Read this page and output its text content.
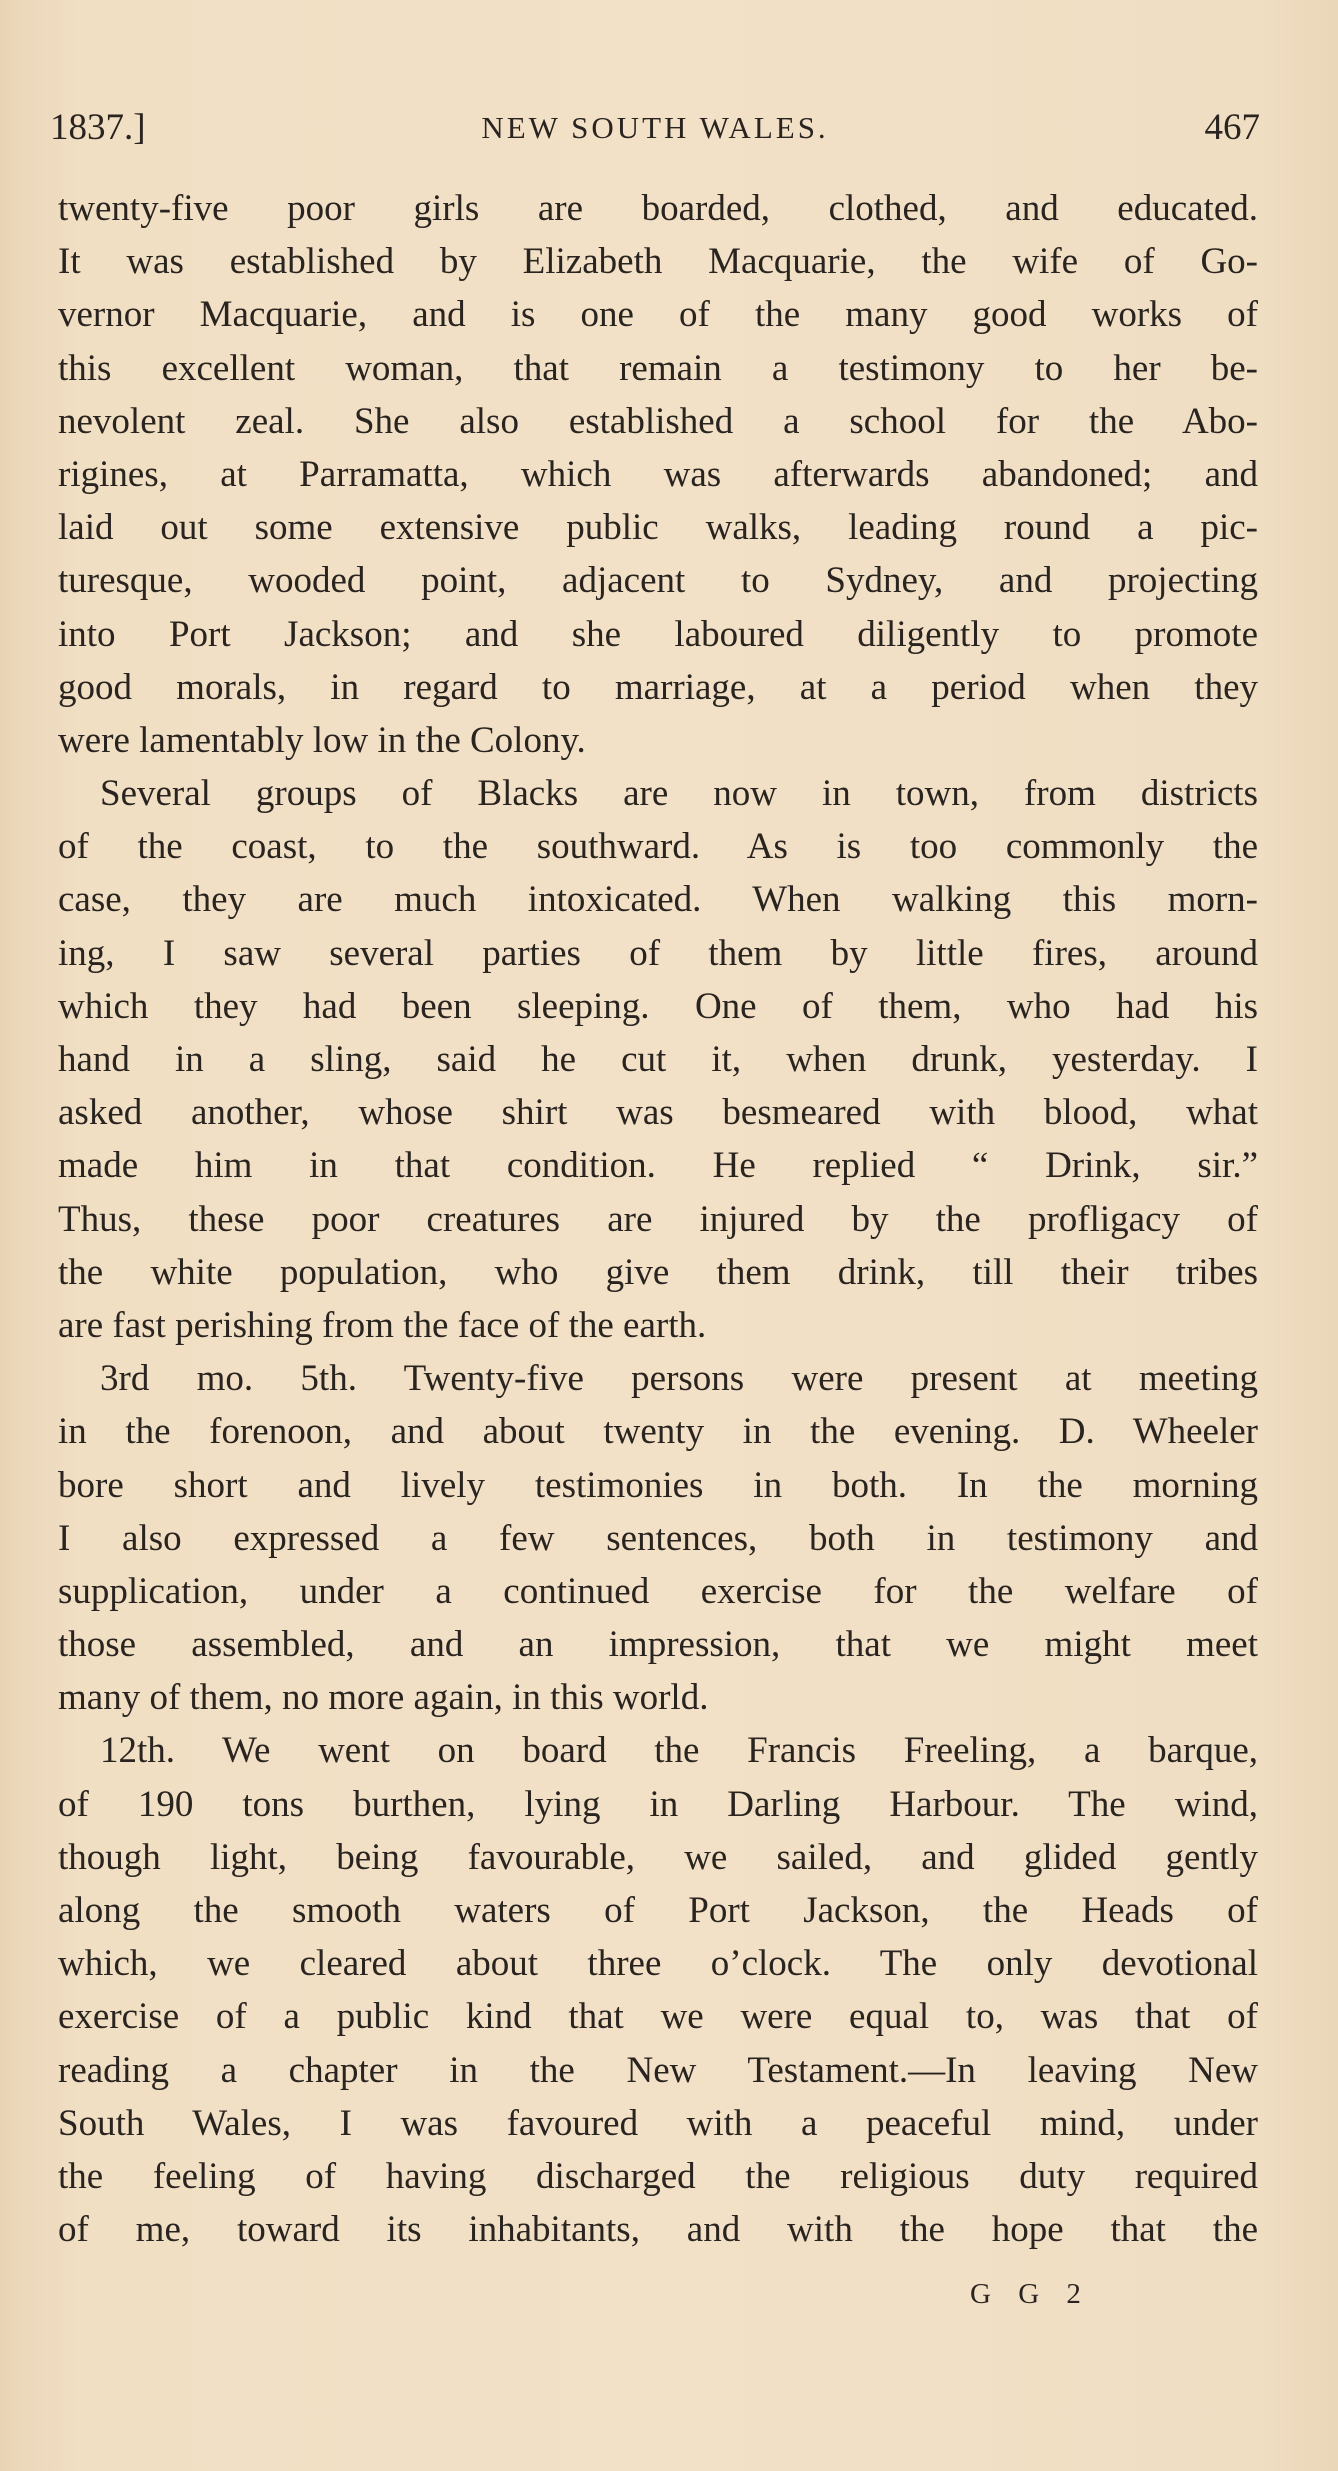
1837.]	NEW SOUTH WALES.	467
twenty-five poor girls are boarded, clothed, and educated.
It was established by Elizabeth Macquarie, the wife of Go-
vernor Macquarie, and is one of the many good works of
this excellent woman, that remain a testimony to her be-
nevolent zeal. She also established a school for the Abo-
rigines, at Parramatta, which was afterwards abandoned; and
laid out some extensive public walks, leading round a pic-
turesque, wooded point, adjacent to Sydney, and projecting
into Port Jackson; and she laboured diligently to promote
good morals, in regard to marriage, at a period when they
were lamentably low in the Colony.
Several groups of Blacks are now in town, from districts
of the coast, to the southward. As is too commonly the
case, they are much intoxicated. When walking this morn-
ing, I saw several parties of them by little fires, around
which they had been sleeping. One of them, who had his
hand in a sling, said he cut it, when drunk, yesterday. I
asked another, whose shirt was besmeared with blood, what
made him in that condition. He replied “ Drink, sir.”
Thus, these poor creatures are injured by the profligacy of
the white population, who give them drink, till their tribes
are fast perishing from the face of the earth.
3rd mo. 5th. Twenty-five persons were present at meeting
in the forenoon, and about twenty in the evening. D. Wheeler
bore short and lively testimonies in both. In the morning
I also expressed a few sentences, both in testimony and
supplication, under a continued exercise for the welfare of
those assembled, and an impression, that we might meet
many of them, no more again, in this world.
12th. We went on board the Francis Freeling, a barque,
of 190 tons burthen, lying in Darling Harbour. The wind,
though light, being favourable, we sailed, and glided gently
along the smooth waters of Port Jackson, the Heads of
which, we cleared about three o’clock. The only devotional
exercise of a public kind that we were equal to, was that of
reading a chapter in the New Testament.—In leaving New
South Wales, I was favoured with a peaceful mind, under
the feeling of having discharged the religious duty required
of me, toward its inhabitants, and with the hope that the
G G 2
